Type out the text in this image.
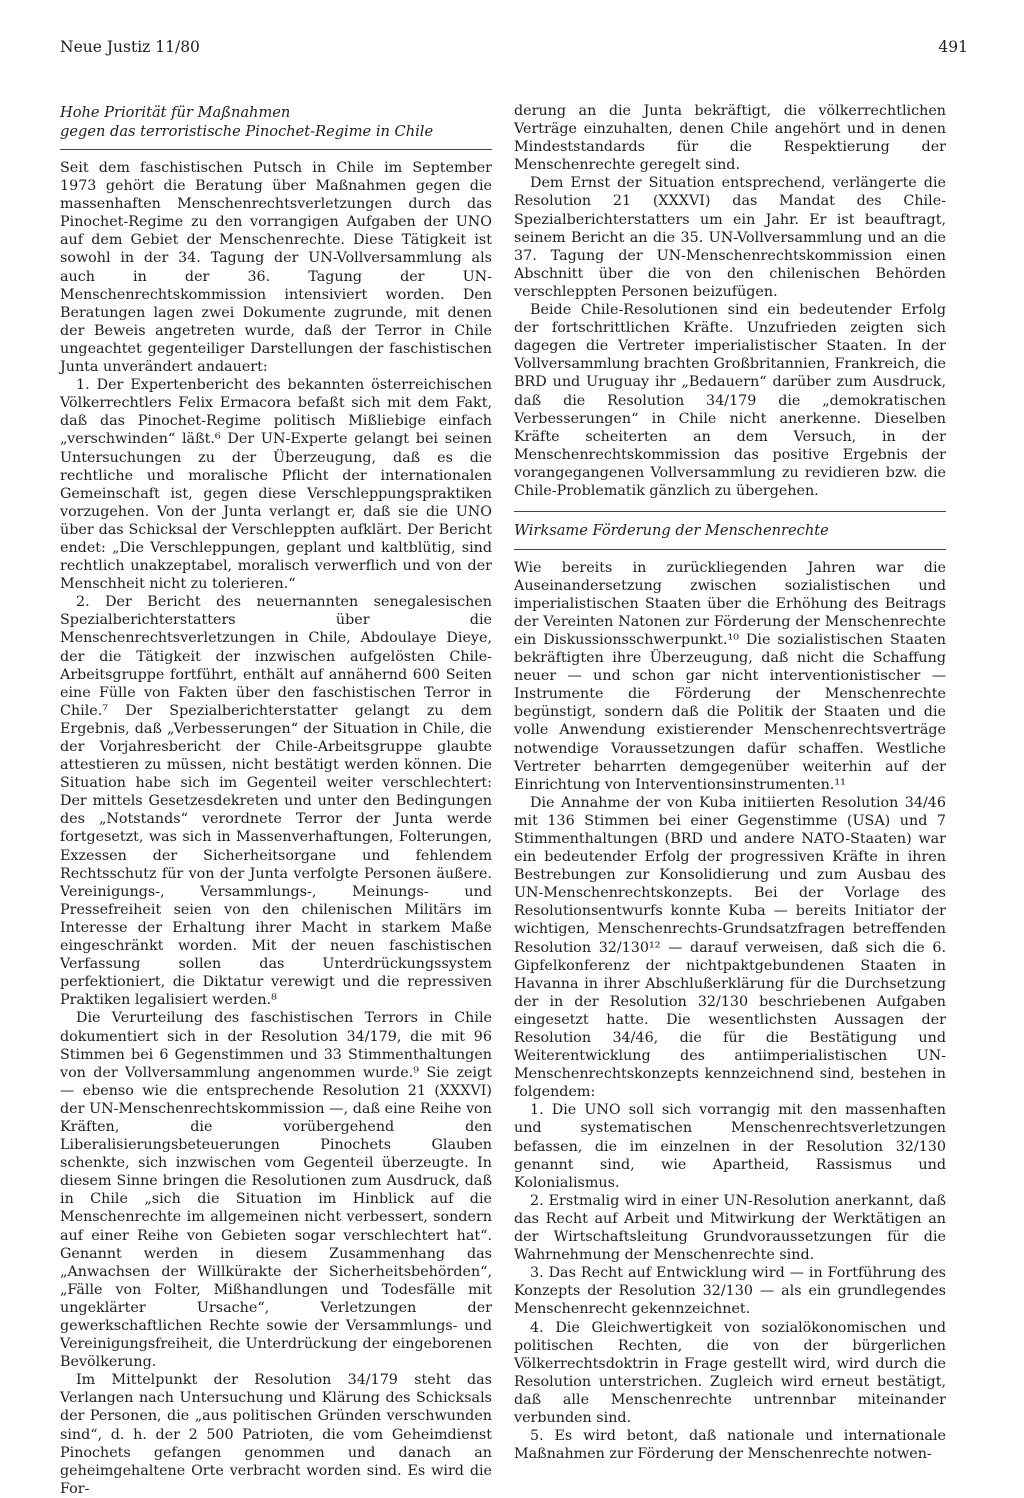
Neue Justiz 11/80	491
Hohe Priorität für Maßnahmen
gegen das terroristische Pinochet-Regime in Chile

Seit dem faschistischen Putsch in Chile im September 1973 gehört die Beratung über Maßnahmen gegen die massenhaften Menschenrechtsverletzungen durch das Pinochet-Regime zu den vorrangigen Aufgaben der UNO auf dem Gebiet der Menschenrechte. Diese Tätigkeit ist sowohl in der 34. Tagung der UN-Vollversammlung als auch in der 36. Tagung der UN-Menschenrechtskommission intensiviert worden. Den Beratungen lagen zwei Dokumente zugrunde, mit denen der Beweis angetreten wurde, daß der Terror in Chile ungeachtet gegenteiliger Darstellungen der faschistischen Junta unverändert andauert:

1. Der Expertenbericht des bekannten österreichischen Völkerrechtlers Felix Ermacora befaßt sich mit dem Fakt, daß das Pinochet-Regime politisch Mißliebige einfach „verschwinden“ läßt.⁶ Der UN-Experte gelangt bei seinen Untersuchungen zu der Überzeugung, daß es die rechtliche und moralische Pflicht der internationalen Gemeinschaft ist, gegen diese Verschleppungspraktiken vorzugehen. Von der Junta verlangt er, daß sie die UNO über das Schicksal der Verschleppten aufklärt. Der Bericht endet: „Die Verschleppungen, geplant und kaltblütig, sind rechtlich unakzeptabel, moralisch verwerflich und von der Menschheit nicht zu tolerieren.“

2. Der Bericht des neuernannten senegalesischen Spezialberichterstatters über die Menschenrechtsverletzungen in Chile, Abdoulaye Dieye, der die Tätigkeit der inzwischen aufgelösten Chile-Arbeitsgruppe fortführt, enthält auf annähernd 600 Seiten eine Fülle von Fakten über den faschistischen Terror in Chile.⁷ Der Spezialberichterstatter gelangt zu dem Ergebnis, daß „Verbesserungen“ der Situation in Chile, die der Vorjahresbericht der Chile-Arbeitsgruppe glaubte attestieren zu müssen, nicht bestätigt werden können. Die Situation habe sich im Gegenteil weiter verschlechtert: Der mittels Gesetzesdekreten und unter den Bedingungen des „Notstands“ verordnete Terror der Junta werde fortgesetzt, was sich in Massenverhaftungen, Folterungen, Exzessen der Sicherheitsorgane und fehlendem Rechtsschutz für von der Junta verfolgte Personen äußere. Vereinigungs-, Versammlungs-, Meinungs- und Pressefreiheit seien von den chilenischen Militärs im Interesse der Erhaltung ihrer Macht in starkem Maße eingeschränkt worden. Mit der neuen faschistischen Verfassung sollen das Unterdrückungssystem perfektioniert, die Diktatur verewigt und die repressiven Praktiken legalisiert werden.⁸

Die Verurteilung des faschistischen Terrors in Chile dokumentiert sich in der Resolution 34/179, die mit 96 Stimmen bei 6 Gegenstimmen und 33 Stimmenthaltungen von der Vollversammlung angenommen wurde.⁹ Sie zeigt — ebenso wie die entsprechende Resolution 21 (XXXVI) der UN-Menschenrechtskommission —, daß eine Reihe von Kräften, die vorübergehend den Liberalisierungsbeteuerungen Pinochets Glauben schenkte, sich inzwischen vom Gegenteil überzeugte. In diesem Sinne bringen die Resolutionen zum Ausdruck, daß in Chile „sich die Situation im Hinblick auf die Menschenrechte im allgemeinen nicht verbessert, sondern auf einer Reihe von Gebieten sogar verschlechtert hat“. Genannt werden in diesem Zusammenhang das „Anwachsen der Willkürakte der Sicherheitsbehörden“, „Fälle von Folter, Mißhandlungen und Todesfälle mit ungeklärter Ursache“, Verletzungen der gewerkschaftlichen Rechte sowie der Versammlungs- und Vereinigungsfreiheit, die Unterdrückung der eingeborenen Bevölkerung.

Im Mittelpunkt der Resolution 34/179 steht das Verlangen nach Untersuchung und Klärung des Schicksals der Personen, die „aus politischen Gründen verschwunden sind“, d. h. der 2 500 Patrioten, die vom Geheimdienst Pinochets gefangen genommen und danach an geheimgehaltene Orte verbracht worden sind. Es wird die For-

derung an die Junta bekräftigt, die völkerrechtlichen Verträge einzuhalten, denen Chile angehört und in denen Mindeststandards für die Respektierung der Menschenrechte geregelt sind.

Dem Ernst der Situation entsprechend, verlängerte die Resolution 21 (XXXVI) das Mandat des Chile-Spezialberichterstatters um ein Jahr. Er ist beauftragt, seinem Bericht an die 35. UN-Vollversammlung und an die 37. Tagung der UN-Menschenrechtskommission einen Abschnitt über die von den chilenischen Behörden verschleppten Personen beizufügen.

Beide Chile-Resolutionen sind ein bedeutender Erfolg der fortschrittlichen Kräfte. Unzufrieden zeigten sich dagegen die Vertreter imperialistischer Staaten. In der Vollversammlung brachten Großbritannien, Frankreich, die BRD und Uruguay ihr „Bedauern“ darüber zum Ausdruck, daß die Resolution 34/179 die „demokratischen Verbesserungen“ in Chile nicht anerkenne. Dieselben Kräfte scheiterten an dem Versuch, in der Menschenrechtskommission das positive Ergebnis der vorangegangenen Vollversammlung zu revidieren bzw. die Chile-Problematik gänzlich zu übergehen.

Wirksame Förderung der Menschenrechte

Wie bereits in zurückliegenden Jahren war die Auseinandersetzung zwischen sozialistischen und imperialistischen Staaten über die Erhöhung des Beitrags der Vereinten Natonen zur Förderung der Menschenrechte ein Diskussionsschwerpunkt.¹⁰ Die sozialistischen Staaten bekräftigten ihre Überzeugung, daß nicht die Schaffung neuer — und schon gar nicht interventionistischer — Instrumente die Förderung der Menschenrechte begünstigt, sondern daß die Politik der Staaten und die volle Anwendung existierender Menschenrechtsverträge notwendige Voraussetzungen dafür schaffen. Westliche Vertreter beharrten demgegenüber weiterhin auf der Einrichtung von Interventionsinstrumenten.¹¹

Die Annahme der von Kuba initiierten Resolution 34/46 mit 136 Stimmen bei einer Gegenstimme (USA) und 7 Stimmenthaltungen (BRD und andere NATO-Staaten) war ein bedeutender Erfolg der progressiven Kräfte in ihren Bestrebungen zur Konsolidierung und zum Ausbau des UN-Menschenrechtskonzepts. Bei der Vorlage des Resolutionsentwurfs konnte Kuba — bereits Initiator der wichtigen, Menschenrechts-Grundsatzfragen betreffenden Resolution 32/130¹² — darauf verweisen, daß sich die 6. Gipfelkonferenz der nichtpaktgebundenen Staaten in Havanna in ihrer Abschlußerklärung für die Durchsetzung der in der Resolution 32/130 beschriebenen Aufgaben eingesetzt hatte. Die wesentlichsten Aussagen der Resolution 34/46, die für die Bestätigung und Weiterentwicklung des antiimperialistischen UN-Menschenrechtskonzepts kennzeichnend sind, bestehen in folgendem:

1. Die UNO soll sich vorrangig mit den massenhaften und systematischen Menschenrechtsverletzungen befassen, die im einzelnen in der Resolution 32/130 genannt sind, wie Apartheid, Rassismus und Kolonialismus.

2. Erstmalig wird in einer UN-Resolution anerkannt, daß das Recht auf Arbeit und Mitwirkung der Werktätigen an der Wirtschaftsleitung Grundvoraussetzungen für die Wahrnehmung der Menschenrechte sind.

3. Das Recht auf Entwicklung wird — in Fortführung des Konzepts der Resolution 32/130 — als ein grundlegendes Menschenrecht gekennzeichnet.

4. Die Gleichwertigkeit von sozialökonomischen und politischen Rechten, die von der bürgerlichen Völkerrechtsdoktrin in Frage gestellt wird, wird durch die Resolution unterstrichen. Zugleich wird erneut bestätigt, daß alle Menschenrechte untrennbar miteinander verbunden sind.

5. Es wird betont, daß nationale und internationale Maßnahmen zur Förderung der Menschenrechte notwen-
